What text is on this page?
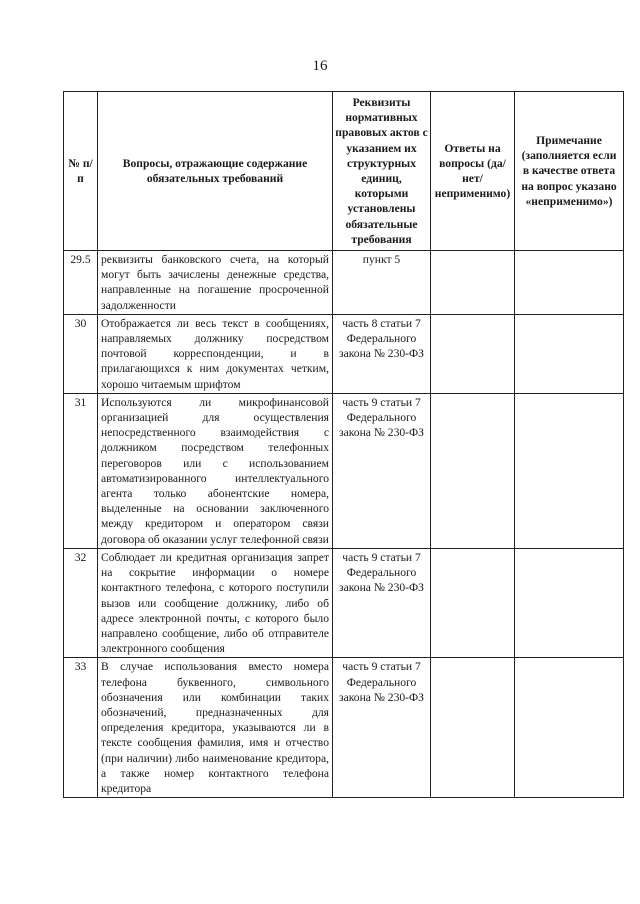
16
№ п/п	Вопросы, отражающие содержание обязательных требований	Реквизиты нормативных правовых актов с указанием их структурных единиц, которыми установлены обязательные требования	Ответы на вопросы (да/нет/ неприменимо)	Примечание (заполняется если в качестве ответа на вопрос указано «неприменимо»)
29.5	реквизиты банковского счета, на который могут быть зачислены денежные средства, направленные на погашение просроченной задолженности	пункт 5		
30	Отображается ли весь текст в сообщениях, направляемых должнику посредством почтовой корреспонденции, и в прилагающихся к ним документах четким, хорошо читаемым шрифтом	часть 8 статьи 7 Федерального закона № 230-ФЗ		
31	Используются ли микрофинансовой организацией для осуществления непосредственного взаимодействия с должником посредством телефонных переговоров или с использованием автоматизированного интеллектуального агента только абонентские номера, выделенные на основании заключенного между кредитором и оператором связи договора об оказании услуг телефонной связи	часть 9 статьи 7 Федерального закона № 230-ФЗ		
32	Соблюдает ли кредитная организация запрет на сокрытие информации о номере контактного телефона, с которого поступили вызов или сообщение должнику, либо об адресе электронной почты, с которого было направлено сообщение, либо об отправителе электронного сообщения	часть 9 статьи 7 Федерального закона № 230-ФЗ		
33	В случае использования вместо номера телефона буквенного, символьного обозначения или комбинации таких обозначений, предназначенных для определения кредитора, указываются ли в тексте сообщения фамилия, имя и отчество (при наличии) либо наименование кредитора, а также номер контактного телефона кредитора	часть 9 статьи 7 Федерального закона № 230-ФЗ		
